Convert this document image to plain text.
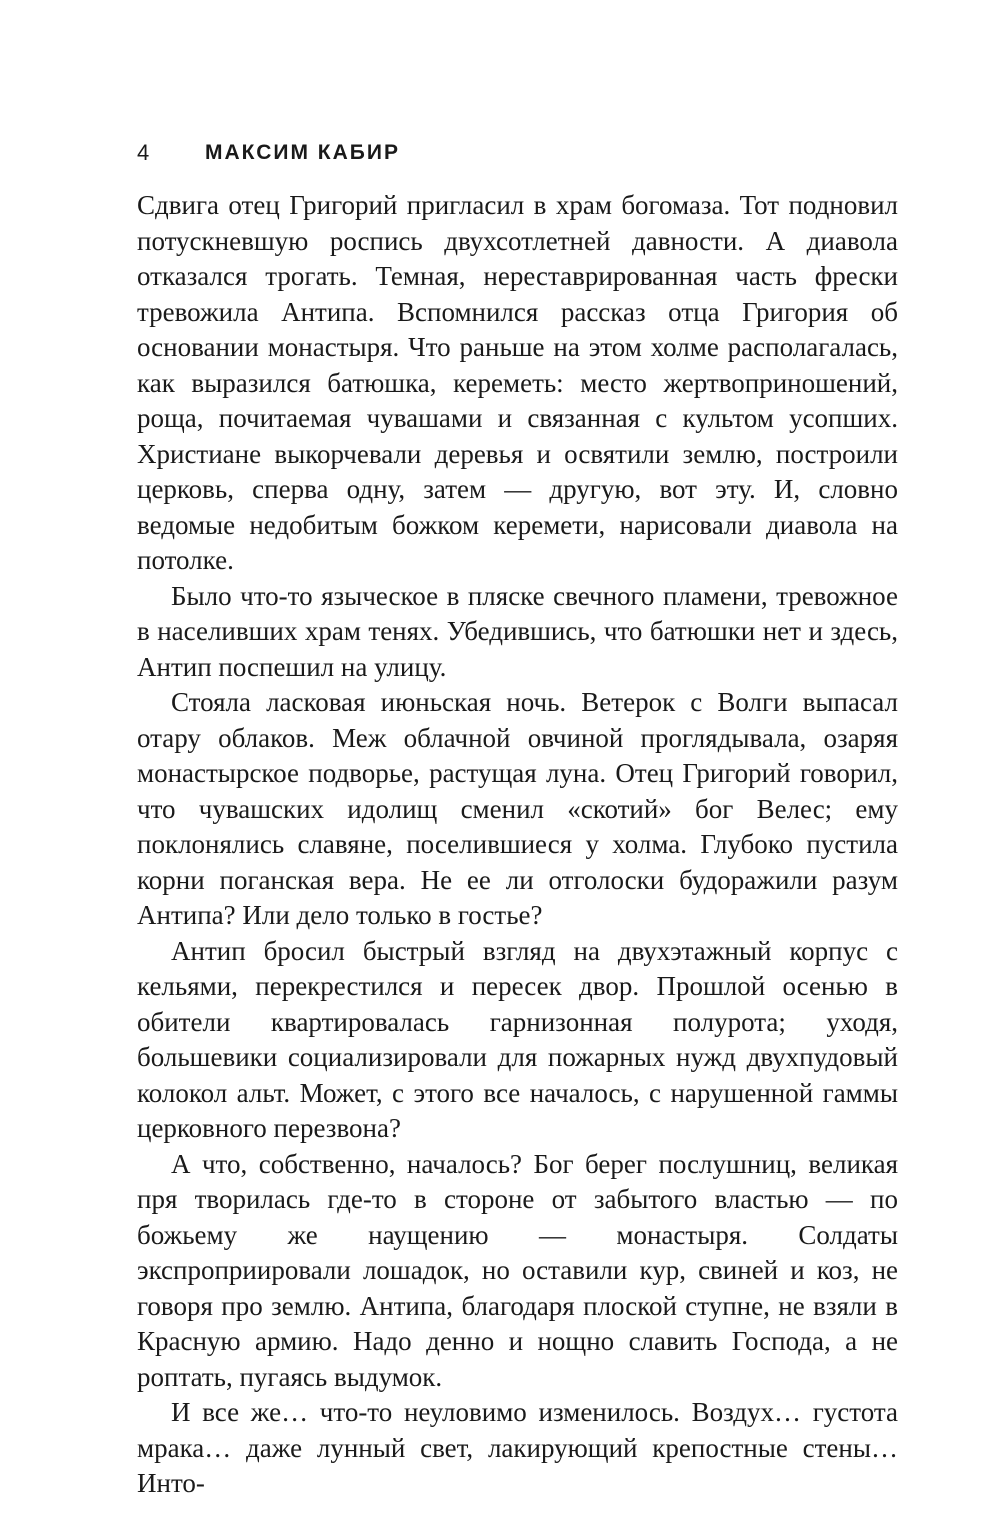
4	МАКСИМ КАБИР

Сдвига отец Григорий пригласил в храм богомаза. Тот подновил потускневшую роспись двухсотлетней давности. А диавола отказался трогать. Темная, нереставрированная часть фрески тревожила Антипа. Вспомнился рассказ отца Григория об основании монастыря. Что раньше на этом холме располагалась, как выразился батюшка, кереметь: место жертвоприношений, роща, почитаемая чувашами и связанная с культом усопших. Христиане выкорчевали деревья и освятили землю, построили церковь, сперва одну, затем — другую, вот эту. И, словно ведомые недобитым божком керемети, нарисовали диавола на потолке.

Было что-то языческое в пляске свечного пламени, тревожное в населивших храм тенях. Убедившись, что батюшки нет и здесь, Антип поспешил на улицу.

Стояла ласковая июньская ночь. Ветерок с Волги выпасал отару облаков. Меж облачной овчиной проглядывала, озаряя монастырское подворье, растущая луна. Отец Григорий говорил, что чувашских идолищ сменил «скотий» бог Велес; ему поклонялись славяне, поселившиеся у холма. Глубоко пустила корни поганская вера. Не ее ли отголоски будоражили разум Антипа? Или дело только в гостье?

Антип бросил быстрый взгляд на двухэтажный корпус с кельями, перекрестился и пересек двор. Прошлой осенью в обители квартировалась гарнизонная полурота; уходя, большевики социализировали для пожарных нужд двухпудовый колокол альт. Может, с этого все началось, с нарушенной гаммы церковного перезвона?

А что, собственно, началось? Бог берег послушниц, великая пря творилась где-то в стороне от забытого властью — по божьему же наущению — монастыря. Солдаты экспроприировали лошадок, но оставили кур, свиней и коз, не говоря про землю. Антипа, благодаря плоской ступне, не взяли в Красную армию. Надо денно и нощно славить Господа, а не роптать, пугаясь выдумок.

И все же… что-то неуловимо изменилось. Воздух… густота мрака… даже лунный свет, лакирующий крепостные стены… Инто-
